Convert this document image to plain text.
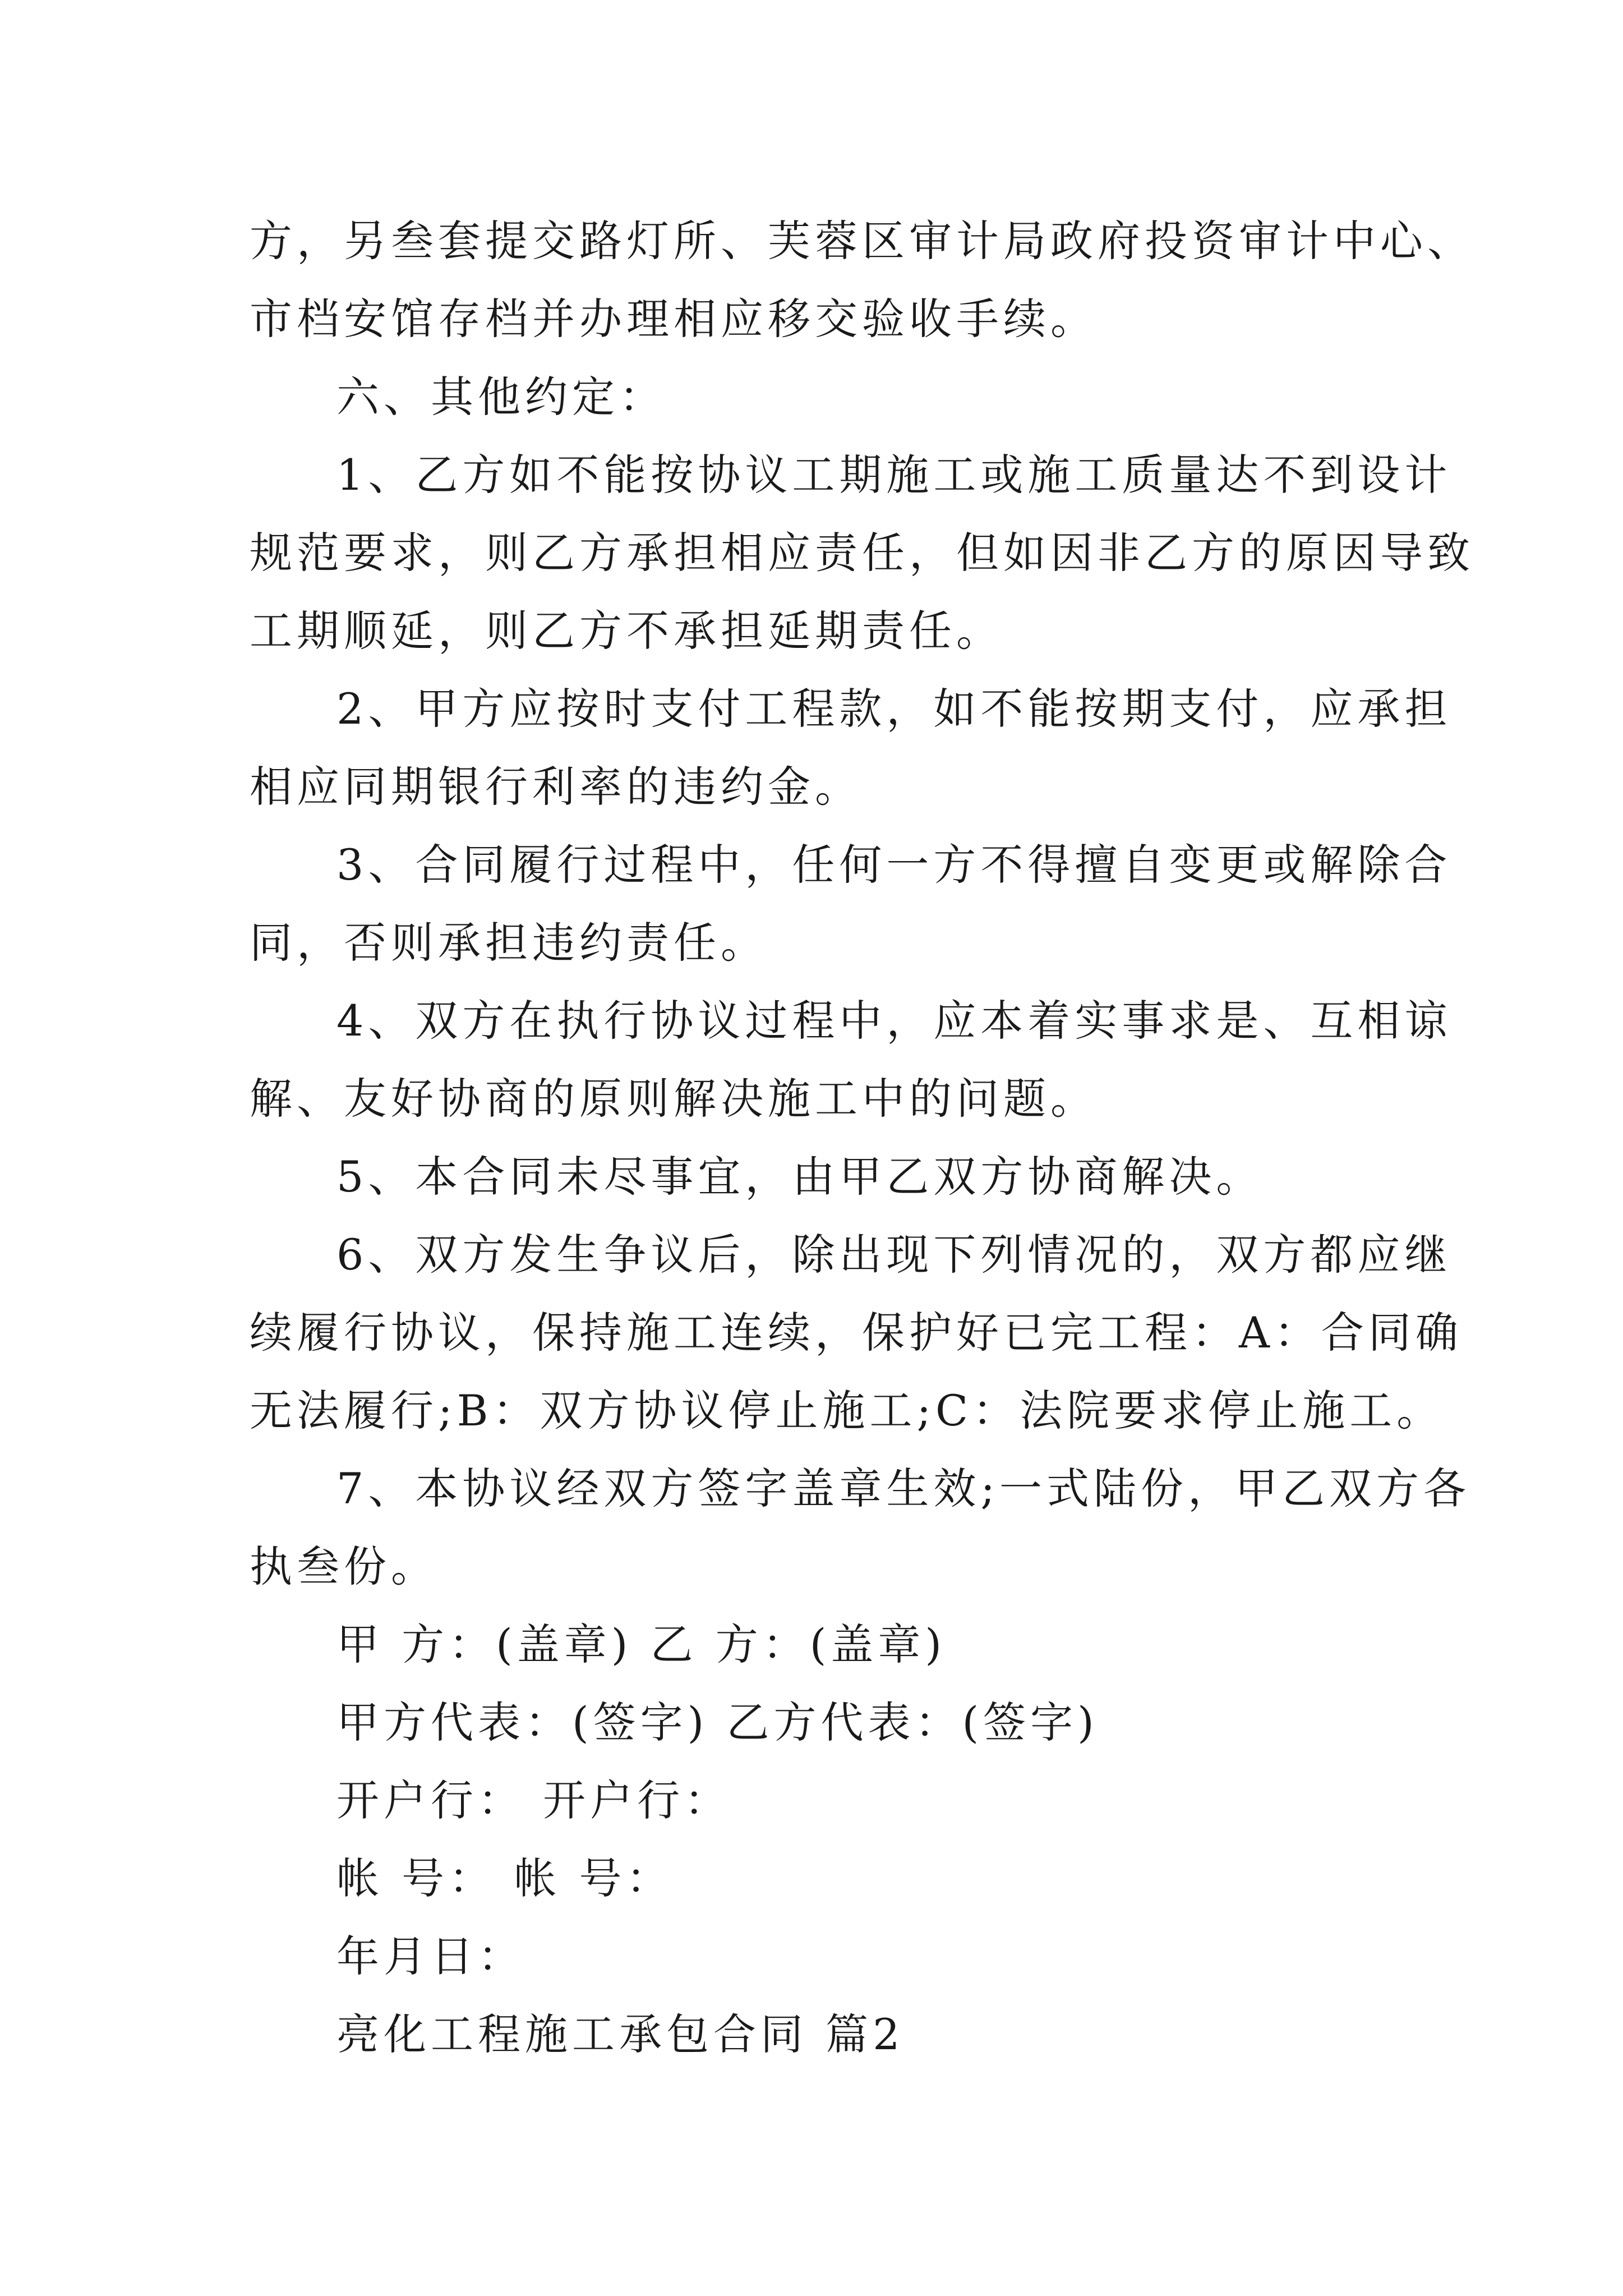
方，另叁套提交路灯所、芙蓉区审计局政府投资审计中心、
市档安馆存档并办理相应移交验收手续。
六、其他约定：
1、乙方如不能按协议工期施工或施工质量达不到设计
规范要求，则乙方承担相应责任，但如因非乙方的原因导致
工期顺延，则乙方不承担延期责任。
2、甲方应按时支付工程款，如不能按期支付，应承担
相应同期银行利率的违约金。
3、合同履行过程中，任何一方不得擅自变更或解除合
同，否则承担违约责任。
4、双方在执行协议过程中，应本着实事求是、互相谅
解、友好协商的原则解决施工中的问题。
5、本合同未尽事宜，由甲乙双方协商解决。
6、双方发生争议后，除出现下列情况的，双方都应继
续履行协议，保持施工连续，保护好已完工程：A：合同确
无法履行;B：双方协议停止施工;C：法院要求停止施工。
7、本协议经双方签字盖章生效;一式陆份，甲乙双方各
执叁份。
甲 方：(盖章) 乙 方：(盖章)
甲方代表：(签字) 乙方代表：(签字)
开户行： 开户行：
帐 号： 帐 号：
年月日：
亮化工程施工承包合同 篇2
